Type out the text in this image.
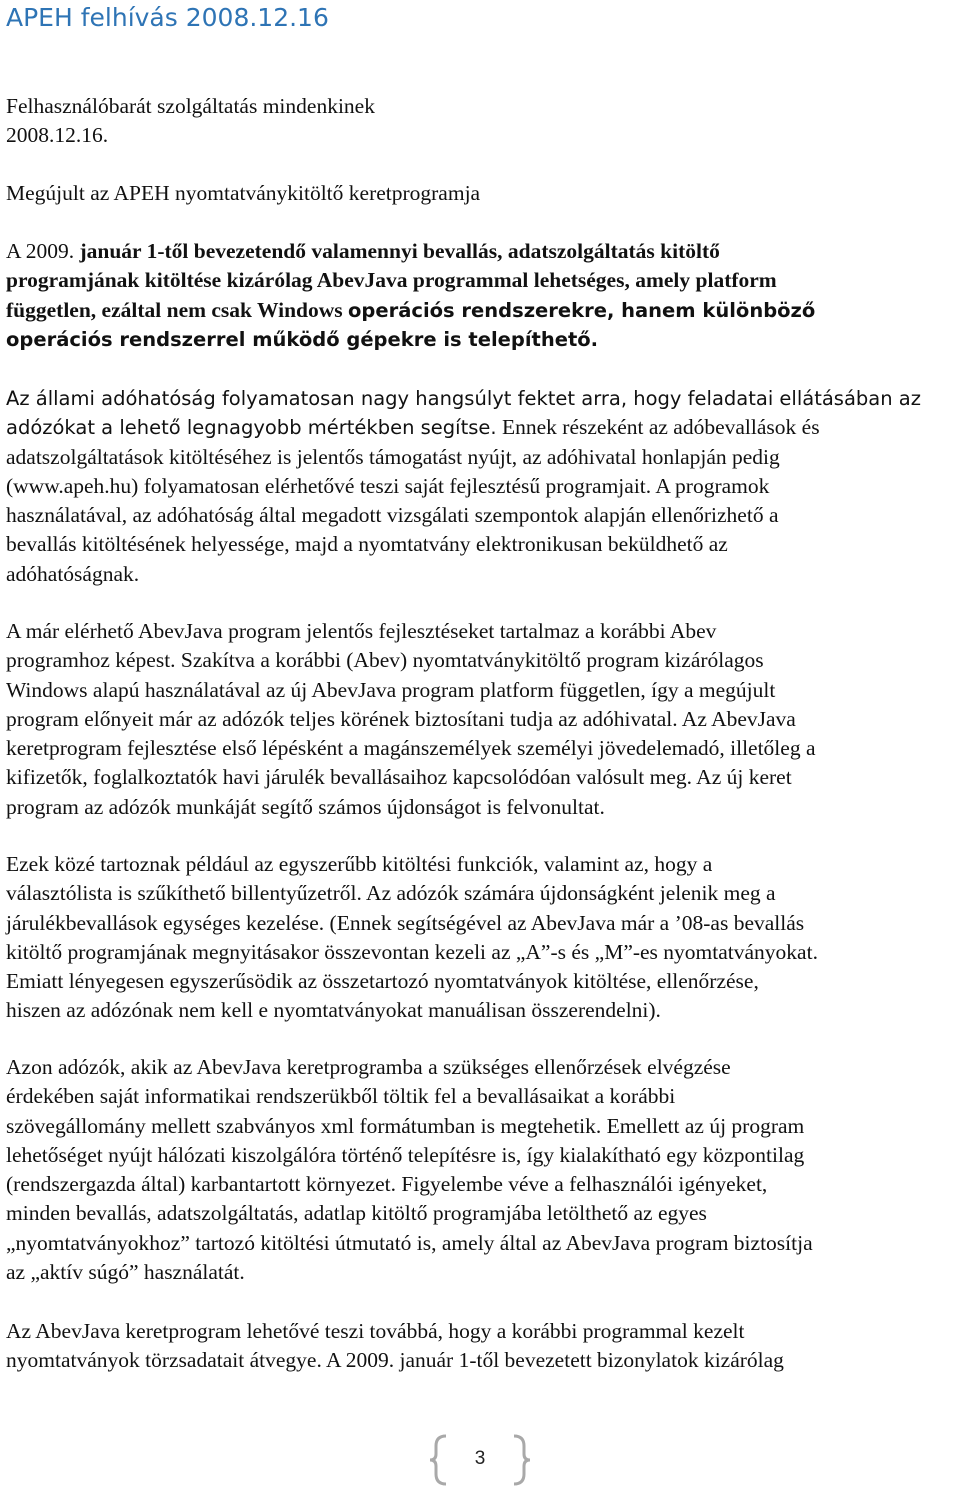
APEH felhívás 2008.12.16

Felhasználóbarát szolgáltatás mindenkinek

2008.12.16.

Megújult az APEH nyomtatványkitöltő keretprogramja

A 2009. január 1-től bevezetendő valamennyi bevallás, adatszolgáltatás kitöltő
programjának kitöltése kizárólag AbevJava programmal lehetséges, amely platform
független, ezáltal nem csak Windows operációs rendszerekre, hanem különböző
operációs rendszerrel működő gépekre is telepíthető.

Az állami adóhatóság folyamatosan nagy hangsúlyt fektet arra, hogy feladatai ellátásában az
adózókat a lehető legnagyobb mértékben segítse. Ennek részeként az adóbevallások és
adatszolgáltatások kitöltéséhez is jelentős támogatást nyújt, az adóhivatal honlapján pedig
(www.apeh.hu) folyamatosan elérhetővé teszi saját fejlesztésű programjait. A programok
használatával, az adóhatóság által megadott vizsgálati szempontok alapján ellenőrizhető a
bevallás kitöltésének helyessége, majd a nyomtatvány elektronikusan beküldhető az
adóhatóságnak.

A már elérhető AbevJava program jelentős fejlesztéseket tartalmaz a korábbi Abev
programhoz képest. Szakítva a korábbi (Abev) nyomtatványkitöltő program kizárólagos
Windows alapú használatával az új AbevJava program platform független, így a megújult
program előnyeit már az adózók teljes körének biztosítani tudja az adóhivatal. Az AbevJava
keretprogram fejlesztése első lépésként a magánszemélyek személyi jövedelemadó, illetőleg a
kifizetők, foglalkoztatók havi járulék bevallásaihoz kapcsolódóan valósult meg. Az új keret
program az adózók munkáját segítő számos újdonságot is felvonultat.

Ezek közé tartoznak például az egyszerűbb kitöltési funkciók, valamint az, hogy a
választólista is szűkíthető billentyűzetről. Az adózók számára újdonságként jelenik meg a
járulékbevallások egységes kezelése. (Ennek segítségével az AbevJava már a ’08-as bevallás
kitöltő programjának megnyitásakor összevontan kezeli az „A”-s és „M”-es nyomtatványokat.
Emiatt lényegesen egyszerűsödik az összetartozó nyomtatványok kitöltése, ellenőrzése,
hiszen az adózónak nem kell e nyomtatványokat manuálisan összerendelni).

Azon adózók, akik az AbevJava keretprogramba a szükséges ellenőrzések elvégzése
érdekében saját informatikai rendszerükből töltik fel a bevallásaikat a korábbi
szövegállomány mellett szabványos xml formátumban is megtehetik. Emellett az új program
lehetőséget nyújt hálózati kiszolgálóra történő telepítésre is, így kialakítható egy központilag
(rendszergazda által) karbantartott környezet. Figyelembe véve a felhasználói igényeket,
minden bevallás, adatszolgáltatás, adatlap kitöltő programjába letölthető az egyes
„nyomtatványokhoz” tartozó kitöltési útmutató is, amely által az AbevJava program biztosítja
az „aktív súgó” használatát.

Az AbevJava keretprogram lehetővé teszi továbbá, hogy a korábbi programmal kezelt
nyomtatványok törzsadatait átvegye. A 2009. január 1-től bevezetett bizonylatok kizárólag

3
